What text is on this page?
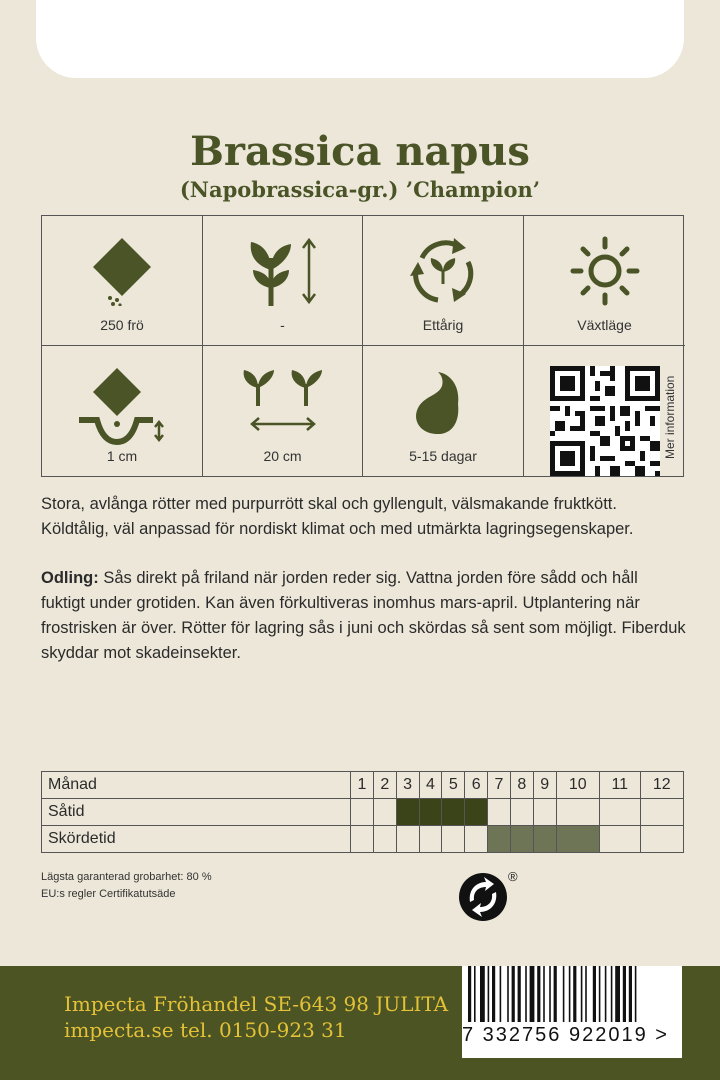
Brassica napus
(Napobrassica-gr.) ’Champion’
250 frö	-	Ettårig	Växtläge
1 cm	20 cm	5-15 dagar	Mer information
Stora, avlånga rötter med purpurrött skal och gyllengult, välsmakande fruktkött. Köldtålig, väl anpassad för nordiskt klimat och med utmärkta lagringsegenskaper.
Odling: Sås direkt på friland när jorden reder sig. Vattna jorden före sådd och håll fuktigt under grotiden. Kan även förkultiveras inomhus mars-april. Utplantering när frostrisken är över. Rötter för lagring sås i juni och skördas så sent som möjligt. Fiberduk skyddar mot skadeinsekter.
Månad	1	2	3	4	5	6	7	8	9	10	11	12
Såtid												
Skördetid												
Lägsta garanterad grobarhet: 80 %
EU:s regler Certifikatutsäde
®
Impecta Fröhandel SE-643 98 JULITA
impecta.se tel. 0150-923 31	7 332756 922019 >
